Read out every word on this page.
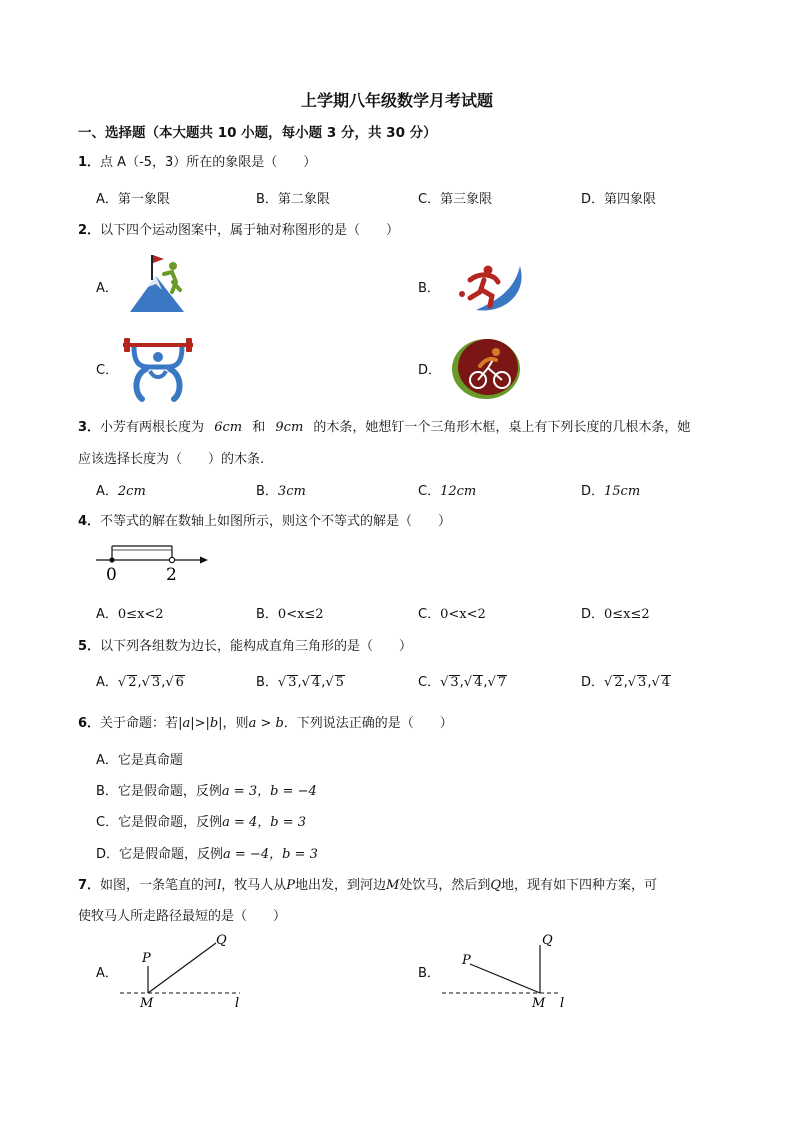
上学期八年级数学月考试题
一、选择题（本大题共 10 小题，每小题 3 分，共 30 分）
1．点 A（-5，3）所在的象限是（　　）
A．第一象限	B．第二象限	C．第三象限	D．第四象限
2．以下四个运动图案中，属于轴对称图形的是（　　）
A．	B．
C．	D．
3．小芳有两根长度为 6cm 和 9cm 的木条，她想钉一个三角形木框，桌上有下列长度的几根木条，她
应该选择长度为（　　）的木条.
A．2cm	B．3cm	C．12cm	D．15cm
4．不等式的解在数轴上如图所示，则这个不等式的解是（　　）
0	2
A．0≤x<2	B．0<x≤2	C．0<x<2	D．0≤x≤2
5．以下列各组数为边长，能构成直角三角形的是（　　）
A．√ 2,√ 3,√ 6	B．√ 3,√ 4,√ 5	C．√ 3,√ 4,√ 7	D．√ 2,√ 3,√ 4
6．关于命题：若|a|>|b|，则a > b．下列说法正确的是（　　）
A．它是真命题
B．它是假命题，反例a = 3，b = −4
C．它是假命题，反例a = 4，b = 3
D．它是假命题，反例a = −4，b = 3
7．如图，一条笔直的河l，牧马人从P地出发，到河边M处饮马，然后到Q地，现有如下四种方案，可
使牧马人所走路径最短的是（　　）
A．
P
Q
M	l
B．
P
Q
M l
